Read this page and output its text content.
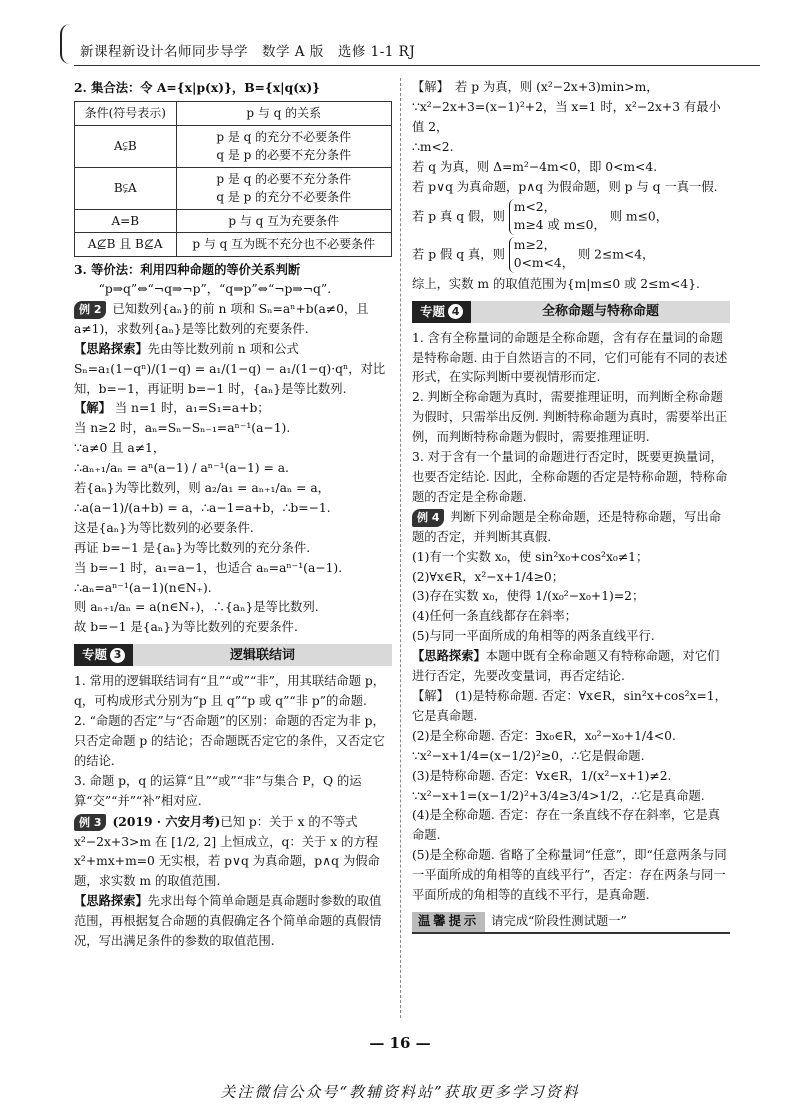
新课程新设计名师同步导学　数学 A 版　选修 1-1 RJ

2. 集合法：令 A={x|p(x)}，B={x|q(x)}

条件(符号表示)	p 与 q 的关系
A⫋B	p 是 q 的充分不必要条件
q 是 p 的必要不充分条件

B⫋A	p 是 q 的必要不充分条件
q 是 p 的充分不必要条件

A=B	p 与 q 互为充要条件
A⊈B 且 B⊈A	p 与 q 互为既不充分也不必要条件

3. 等价法：利用四种命题的等价关系判断

“p⇒q”⇔“¬q⇒¬p”，“q⇒p”⇔“¬p⇒¬q”.

例 2 已知数列{aₙ}的前 n 项和 Sₙ=aⁿ+b(a≠0，且 a≠1)，求数列{aₙ}是等比数列的充要条件.

【思路探索】先由等比数列前 n 项和公式 Sₙ=a₁(1−qⁿ)/(1−q) = a₁/(1−q) − a₁/(1−q)·qⁿ，对比知，b=−1，再证明 b=−1 时，{aₙ}是等比数列.

【解】 当 n=1 时，a₁=S₁=a+b；

当 n≥2 时，aₙ=Sₙ−Sₙ₋₁=aⁿ⁻¹(a−1).

∵a≠0 且 a≠1，

∴aₙ₊₁/aₙ = aⁿ(a−1) / aⁿ⁻¹(a−1) = a.

若{aₙ}为等比数列，则 a₂/a₁ = aₙ₊₁/aₙ = a，

∴a(a−1)/(a+b) = a，∴a−1=a+b，∴b=−1.

这是{aₙ}为等比数列的必要条件.

再证 b=−1 是{aₙ}为等比数列的充分条件.

当 b=−1 时，a₁=a−1，也适合 aₙ=aⁿ⁻¹(a−1).

∴aₙ=aⁿ⁻¹(a−1)(n∈N₊).

则 aₙ₊₁/aₙ = a(n∈N₊)，∴{aₙ}是等比数列.

故 b=−1 是{aₙ}为等比数列的充要条件.

专题 3	逻辑联结词

1. 常用的逻辑联结词有“且”“或”“非”，用其联结命题 p，q，可构成形式分别为“p 且 q”“p 或 q”“非 p”的命题.

2. “命题的否定”与“否命题”的区别：命题的否定为非 p，只否定命题 p 的结论；否命题既否定它的条件，又否定它的结论.

3. 命题 p，q 的运算“且”“或”“非”与集合 P，Q 的运算“交”“并”“补”相对应.

例 3 (2019 · 六安月考)已知 p：关于 x 的不等式 x²−2x+3>m 在 [1/2, 2] 上恒成立，q：关于 x 的方程 x²+mx+m=0 无实根，若 p∨q 为真命题，p∧q 为假命题，求实数 m 的取值范围.

【思路探索】先求出每个简单命题是真命题时参数的取值范围，再根据复合命题的真假确定各个简单命题的真假情况，写出满足条件的参数的取值范围.

【解】　若 p 为真，则 (x²−2x+3)min>m，

∵x²−2x+3=(x−1)²+2，当 x=1 时，x²−2x+3 有最小值 2，

∴m<2.

若 q 为真，则 Δ=m²−4m<0，即 0<m<4.

若 p∨q 为真命题，p∧q 为假命题，则 p 与 q 一真一假.

若 p 真 q 假，则 m<2，
m≥4 或 m≤0， 则 m≤0，

若 p 假 q 真，则 m≥2，
0<m<4， 则 2≤m<4，

综上，实数 m 的取值范围为{m|m≤0 或 2≤m<4}.

专题 4	全称命题与特称命题

1. 含有全称量词的命题是全称命题，含有存在量词的命题是特称命题. 由于自然语言的不同，它们可能有不同的表述形式，在实际判断中要视情形而定.

2. 判断全称命题为真时，需要推理证明，而判断全称命题为假时，只需举出反例. 判断特称命题为真时，需要举出正例，而判断特称命题为假时，需要推理证明.

3. 对于含有一个量词的命题进行否定时，既要更换量词，也要否定结论. 因此，全称命题的否定是特称命题，特称命题的否定是全称命题.

例 4 判断下列命题是全称命题，还是特称命题，写出命题的否定，并判断其真假.

(1)有一个实数 x₀，使 sin²x₀+cos²x₀≠1；

(2)∀x∈R，x²−x+1/4≥0；

(3)存在实数 x₀，使得 1/(x₀²−x₀+1)=2；

(4)任何一条直线都存在斜率；

(5)与同一平面所成的角相等的两条直线平行.

【思路探索】本题中既有全称命题又有特称命题，对它们进行否定，先要改变量词，再否定结论.

【解】　(1)是特称命题. 否定：∀x∈R，sin²x+cos²x=1，它是真命题.

(2)是全称命题. 否定：∃x₀∈R，x₀²−x₀+1/4<0.

∵x²−x+1/4=(x−1/2)²≥0，∴它是假命题.

(3)是特称命题. 否定：∀x∈R，1/(x²−x+1)≠2.

∵x²−x+1=(x−1/2)²+3/4≥3/4>1/2，∴它是真命题.

(4)是全称命题. 否定：存在一条直线不存在斜率，它是真命题.

(5)是全称命题. 省略了全称量词“任意”，即“任意两条与同一平面所成的角相等的直线平行”，否定：存在两条与同一平面所成的角相等的直线不平行，是真命题.

温馨提示 请完成“阶段性测试题一”
— 16 —
关注微信公众号“教辅资料站”获取更多学习资料
